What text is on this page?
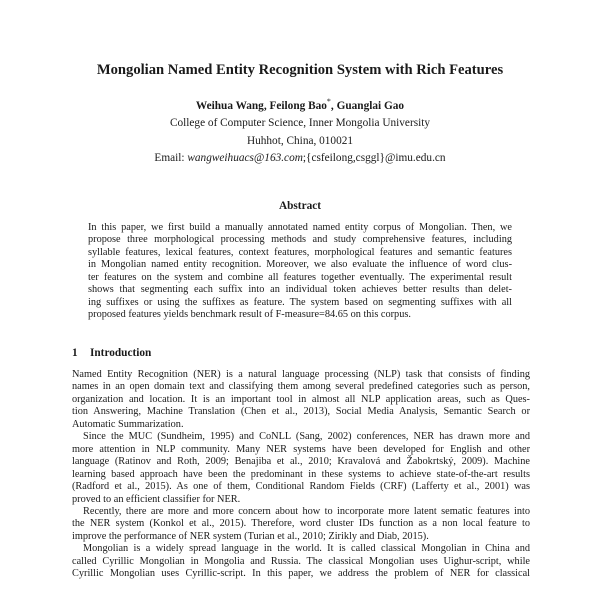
Mongolian Named Entity Recognition System with Rich Features
Weihua Wang, Feilong Bao*, Guanglai Gao
College of Computer Science, Inner Mongolia University
Huhhot, China, 010021
Email: wangweihuacs@163.com;{csfeilong,csggl}@imu.edu.cn
Abstract
In this paper, we first build a manually annotated named entity corpus of Mongolian. Then, we
propose three morphological processing methods and study comprehensive features, including
syllable features, lexical features, context features, morphological features and semantic features
in Mongolian named entity recognition. Moreover, we also evaluate the influence of word clus-
ter features on the system and combine all features together eventually. The experimental result
shows that segmenting each suffix into an individual token achieves better results than delet-
ing suffixes or using the suffixes as feature. The system based on segmenting suffixes with all
proposed features yields benchmark result of F-measure=84.65 on this corpus.
1 Introduction
Named Entity Recognition (NER) is a natural language processing (NLP) task that consists of finding
names in an open domain text and classifying them among several predefined categories such as person,
organization and location. It is an important tool in almost all NLP application areas, such as Ques-
tion Answering, Machine Translation (Chen et al., 2013), Social Media Analysis, Semantic Search or
Automatic Summarization.
Since the MUC (Sundheim, 1995) and CoNLL (Sang, 2002) conferences, NER has drawn more and
more attention in NLP community. Many NER systems have been developed for English and other
language (Ratinov and Roth, 2009; Benajiba et al., 2010; Kravalová and Žabokrtský, 2009). Machine
learning based approach have been the predominant in these systems to achieve state-of-the-art results
(Radford et al., 2015). As one of them, Conditional Random Fields (CRF) (Lafferty et al., 2001) was
proved to an efficient classifier for NER.
Recently, there are more and more concern about how to incorporate more latent sematic features into
the NER system (Konkol et al., 2015). Therefore, word cluster IDs function as a non local feature to
improve the performance of NER system (Turian et al., 2010; Zirikly and Diab, 2015).
Mongolian is a widely spread language in the world. It is called classical Mongolian in China and
called Cyrillic Mongolian in Mongolia and Russia. The classical Mongolian uses Uighur-script, while
Cyrillic Mongolian uses Cyrillic-script. In this paper, we address the problem of NER for classical
